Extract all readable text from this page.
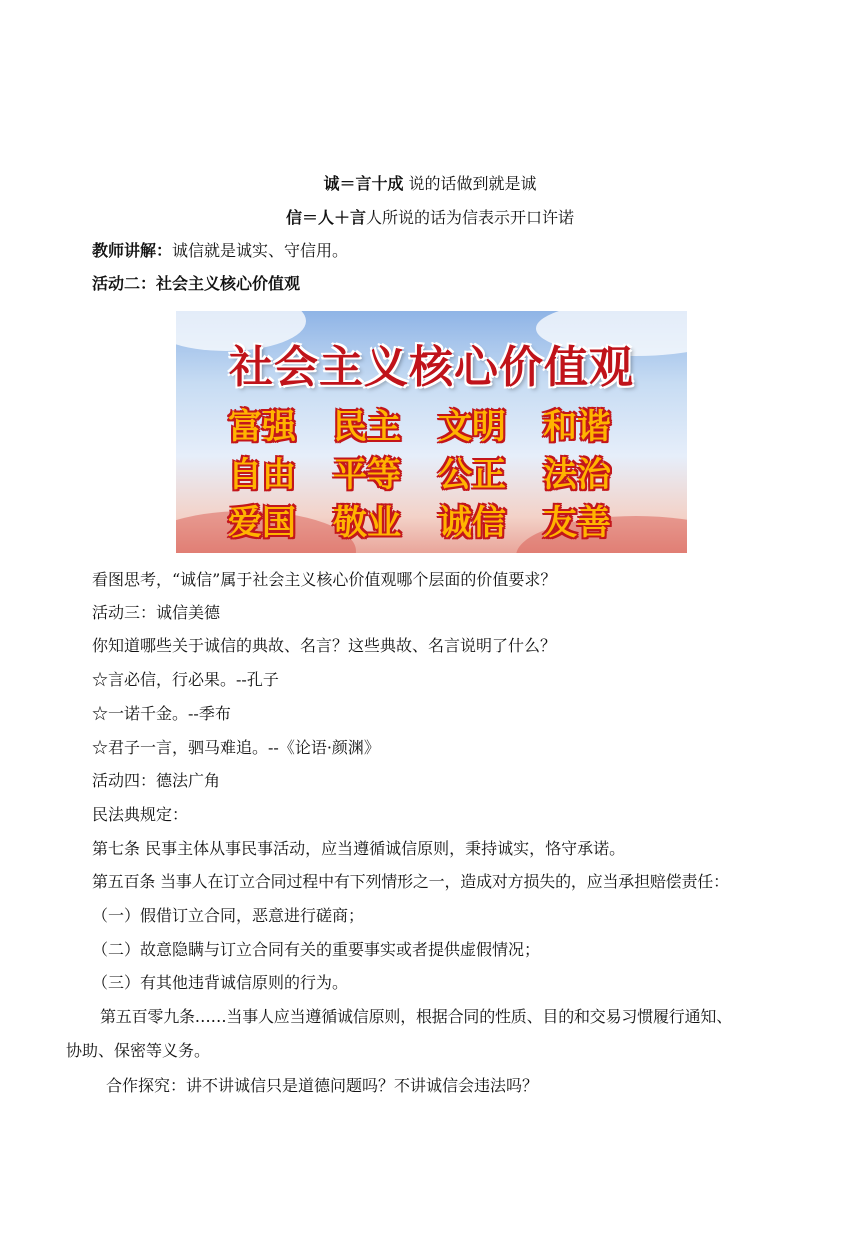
诚＝言十成 说的话做到就是诚
信＝人＋言人所说的话为信表示开口许诺
教师讲解：诚信就是诚实、守信用。
活动二：社会主义核心价值观
社会主义核心价值观
富强	民主	文明	和谐
自由	平等	公正	法治
爱国	敬业	诚信	友善
看图思考，“诚信”属于社会主义核心价值观哪个层面的价值要求？
活动三：诚信美德
你知道哪些关于诚信的典故、名言？这些典故、名言说明了什么？
☆言必信，行必果。--孔子
☆一诺千金。--季布
☆君子一言，驷马难追。--《论语·颜渊》
活动四：德法广角
民法典规定：
第七条 民事主体从事民事活动，应当遵循诚信原则，秉持诚实，恪守承诺。
第五百条 当事人在订立合同过程中有下列情形之一，造成对方损失的，应当承担赔偿责任：
（一）假借订立合同，恶意进行磋商；
（二）故意隐瞒与订立合同有关的重要事实或者提供虚假情况；
（三）有其他违背诚信原则的行为。
第五百零九条……当事人应当遵循诚信原则，根据合同的性质、目的和交易习惯履行通知、
协助、保密等义务。
合作探究：讲不讲诚信只是道德问题吗？不讲诚信会违法吗？
